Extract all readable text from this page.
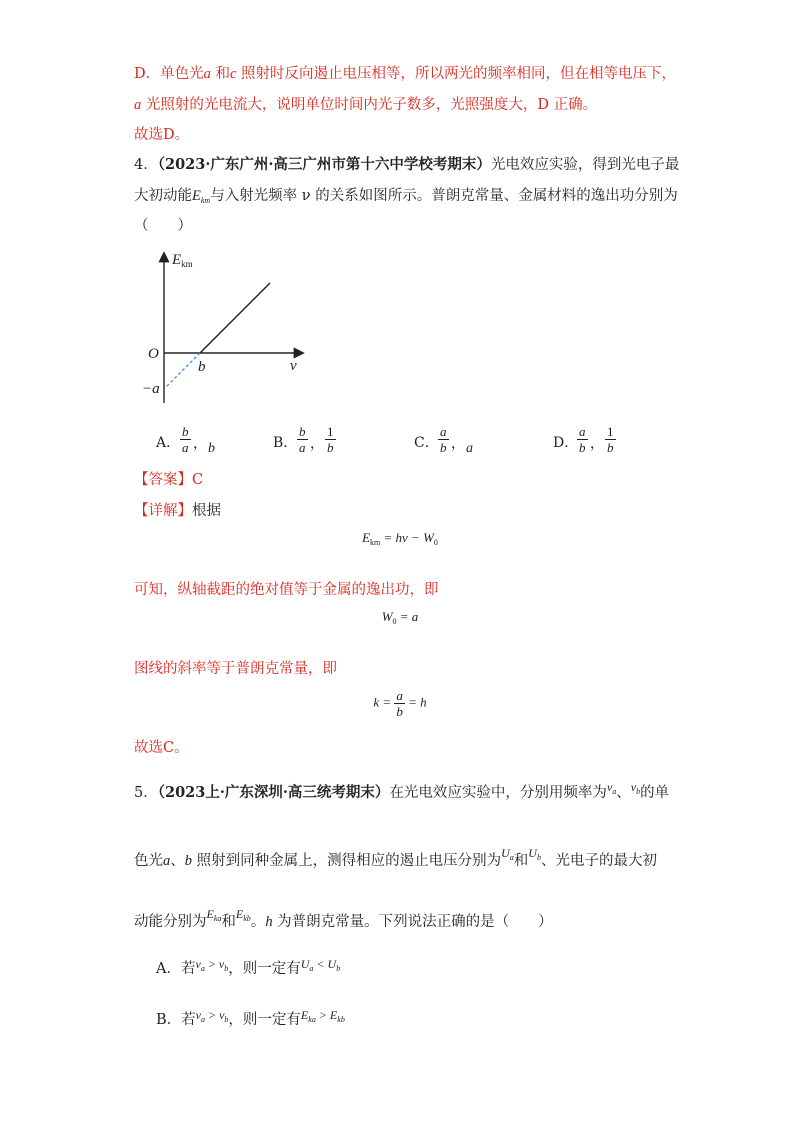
D．单色光a 和c 照射时反向遏止电压相等，所以两光的频率相同，但在相等电压下，
a 光照射的光电流大，说明单位时间内光子数多，光照强度大，D 正确。
故选D。
4．（2023·广东广州·高三广州市第十六中学校考期末）光电效应实验，得到光电子最
大初动能$E_{km}$与入射光频率 ν 的关系如图所示。普朗克常量、金属材料的逸出功分别为
（　　）
$E_{km}$
O
b	ν
−a
A． $\frac{b}{a}$ ， b	B． $\frac{b}{a}$ ， $\frac{1}{b}$	C． $\frac{a}{b}$ ， a	D．
$\frac{a}{b}$ ， $\frac{1}{b}$
【答案】C
【详解】根据
$E_{km} = h\nu - W_0$
可知，纵轴截距的绝对值等于金属的逸出功，即
$W_0 = a$
图线的斜率等于普朗克常量，即
$k = \frac{a}{b} = h$
故选C。
5．（2023上·广东深圳·高三统考期末）在光电效应实验中，分别用频率为$^{\nu_a}$、$^{\nu_b}$的单
色光a、b 照射到同种金属上，测得相应的遏止电压分别为$^{U_a}$和$^{U_b}$、光电子的最大初
动能分别为$^{E_{ka}}$和$^{E_{kb}}$。h 为普朗克常量。下列说法正确的是（　　）
A．若$^{\nu_a > \nu_b}$，则一定有$^{U_a < U_b}$
B．若$^{\nu_a > \nu_b}$，则一定有$^{E_{ka} > E_{kb}}$
